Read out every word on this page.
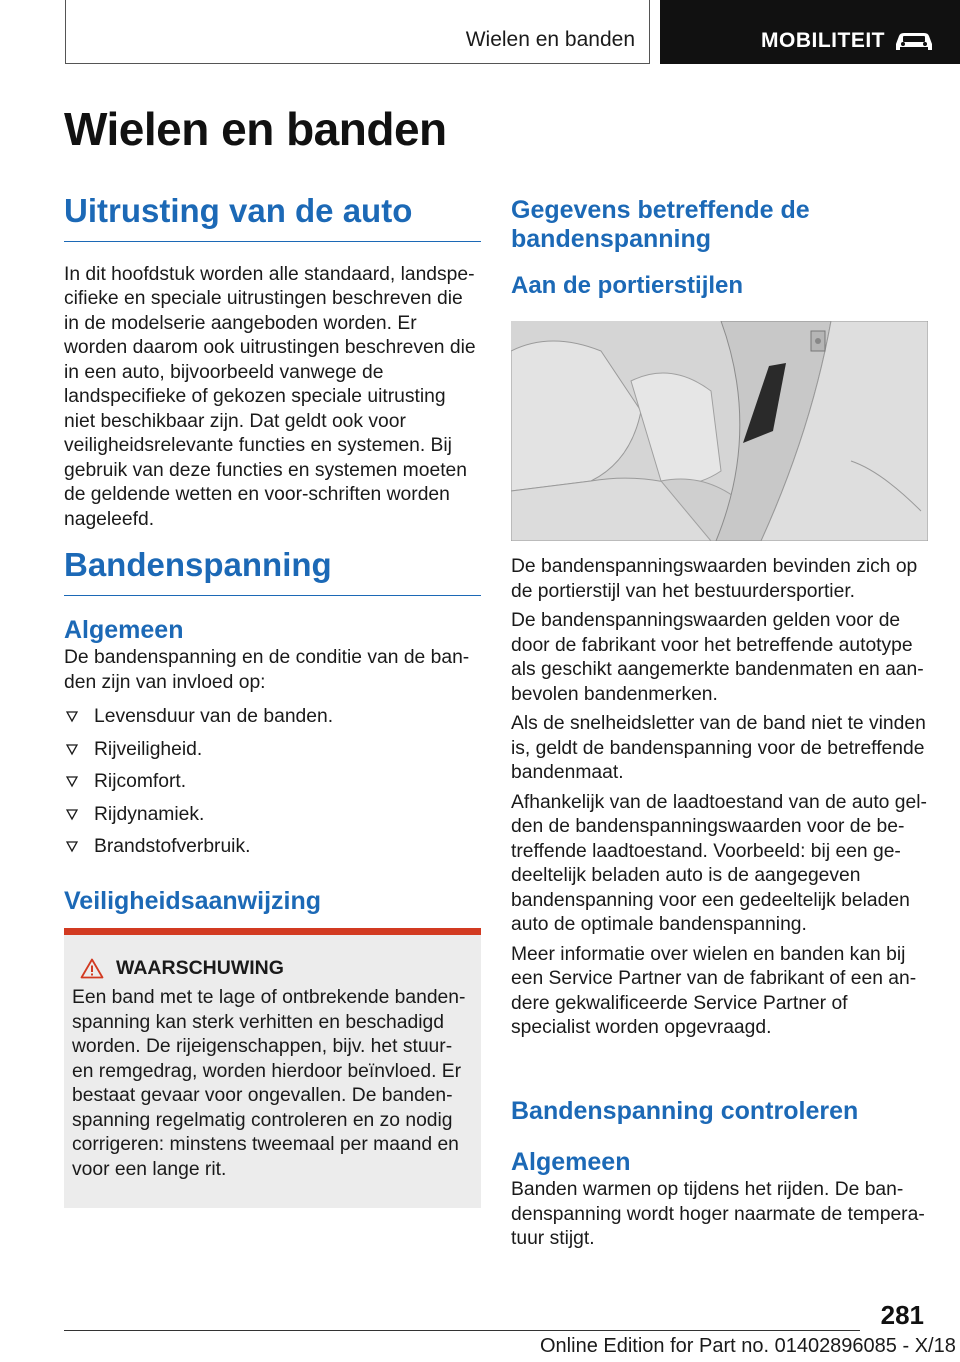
Wielen en banden	MOBILITEIT
Wielen en banden
Uitrusting van de auto

In dit hoofdstuk worden alle standaard, landspe-cifieke en speciale uitrustingen beschreven die in de modelserie aangeboden worden. Er worden daarom ook uitrustingen beschreven die in een auto, bijvoorbeeld vanwege de landspecifieke of gekozen speciale uitrusting niet beschikbaar zijn. Dat geldt ook voor veiligheidsrelevante functies en systemen. Bij gebruik van deze functies en systemen moeten de geldende wetten en voor-schriften worden nageleefd.

Bandenspanning
Algemeen

De bandenspanning en de conditie van de ban-den zijn van invloed op:

Levensduur van de banden.
Rijveiligheid.
Rijcomfort.
Rijdynamiek.
Brandstofverbruik.
Veiligheidsaanwijzing
WAARSCHUWING

Een band met te lage of ontbrekende banden-spanning kan sterk verhitten en beschadigd worden. De rijeigenschappen, bijv. het stuur-en remgedrag, worden hierdoor beïnvloed. Er bestaat gevaar voor ongevallen. De banden-spanning regelmatig controleren en zo nodig corrigeren: minstens tweemaal per maand en voor een lange rit.

Gegevens betreffende de bandenspanning
Aan de portierstijlen

De bandenspanningswaarden bevinden zich op de portierstijl van het bestuurdersportier.

De bandenspanningswaarden gelden voor de door de fabrikant voor het betreffende autotype als geschikt aangemerkte bandenmaten en aan-bevolen bandenmerken.

Als de snelheidsletter van de band niet te vinden is, geldt de bandenspanning voor de betreffende bandenmaat.

Afhankelijk van de laadtoestand van de auto gel-den de bandenspanningswaarden voor de be-treffende laadtoestand. Voorbeeld: bij een ge-deeltelijk beladen auto is de aangegeven bandenspanning voor een gedeeltelijk beladen auto de optimale bandenspanning.

Meer informatie over wielen en banden kan bij een Service Partner van de fabrikant of een an-dere gekwalificeerde Service Partner of specialist worden opgevraagd.

Bandenspanning controleren
Algemeen

Banden warmen op tijdens het rijden. De ban-denspanning wordt hoger naarmate de tempera-tuur stijgt.

281
Online Edition for Part no. 01402896085 - X/18
